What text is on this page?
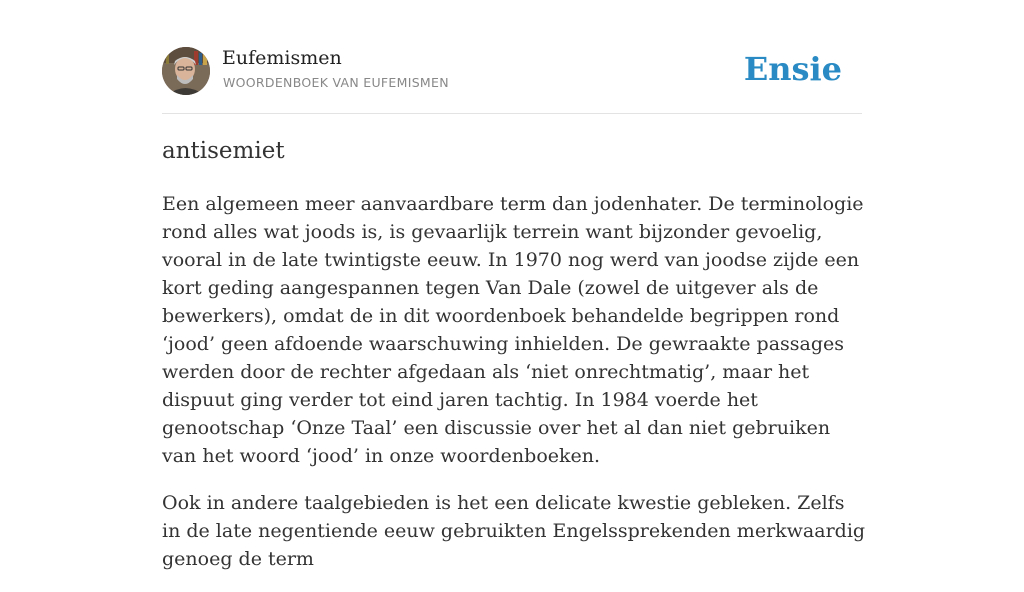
Eufemismen
WOORDENBOEK VAN EUFEMISMEN	Ensie
antisemiet

Een algemeen meer aanvaardbare term dan jodenhater. De terminologie rond alles wat joods is, is gevaarlijk terrein want bijzonder gevoelig, vooral in de late twintigste eeuw. In 1970 nog werd van joodse zijde een kort geding aangespannen tegen Van Dale (zowel de uitgever als de bewerkers), omdat de in dit woordenboek behandelde begrippen rond ‘jood’ geen afdoende waarschuwing inhielden. De gewraakte passages werden door de rechter afgedaan als ‘niet onrechtmatig’, maar het dispuut ging verder tot eind jaren tachtig. In 1984 voerde het genootschap ‘Onze Taal’ een discussie over het al dan niet gebruiken van het woord ‘jood’ in onze woordenboeken.

Ook in andere taalgebieden is het een delicate kwestie gebleken. Zelfs in de late negentiende eeuw gebruikten Engelssprekenden merkwaardig genoeg de term
